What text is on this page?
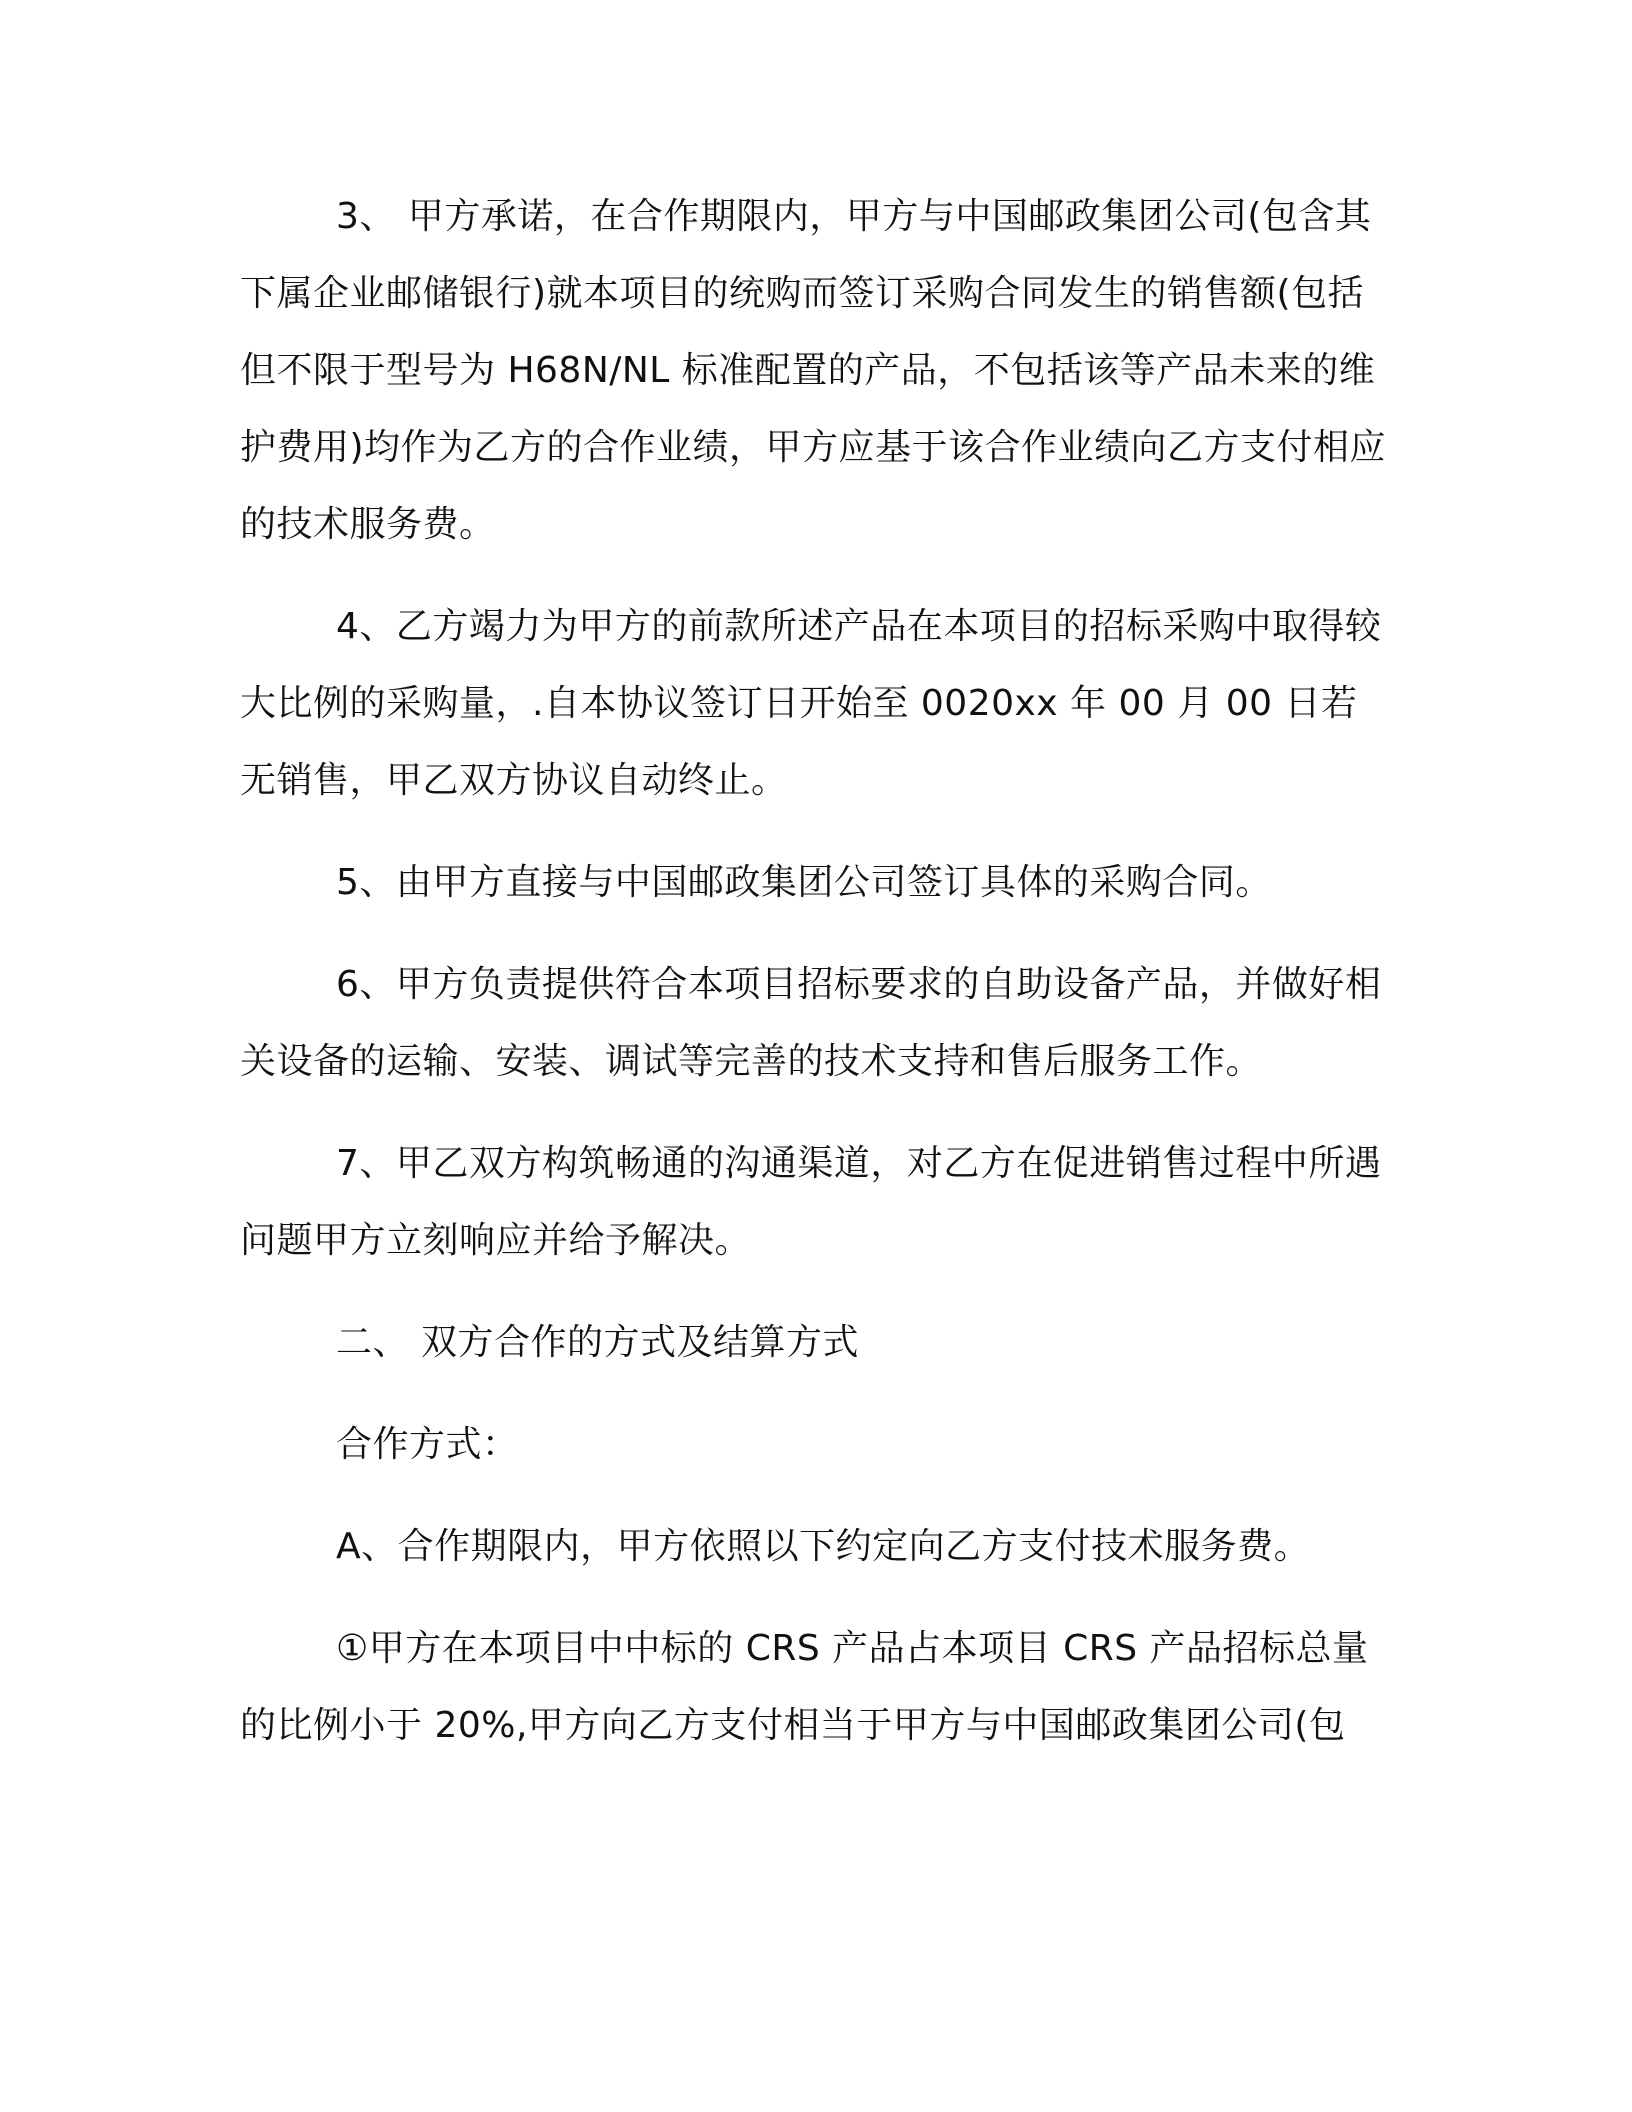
3、 甲方承诺，在合作期限内，甲方与中国邮政集团公司(包含其下属企业邮储银行)就本项目的统购而签订采购合同发生的销售额(包括但不限于型号为 H68N/NL 标准配置的产品，不包括该等产品未来的维护费用)均作为乙方的合作业绩，甲方应基于该合作业绩向乙方支付相应的技术服务费。

4、乙方竭力为甲方的前款所述产品在本项目的招标采购中取得较大比例的采购量，.自本协议签订日开始至 0020xx 年 00 月 00 日若无销售，甲乙双方协议自动终止。

5、由甲方直接与中国邮政集团公司签订具体的采购合同。

6、甲方负责提供符合本项目招标要求的自助设备产品，并做好相关设备的运输、安装、调试等完善的技术支持和售后服务工作。

7、甲乙双方构筑畅通的沟通渠道，对乙方在促进销售过程中所遇问题甲方立刻响应并给予解决。

二、 双方合作的方式及结算方式

合作方式：

A、合作期限内，甲方依照以下约定向乙方支付技术服务费。

①甲方在本项目中中标的 CRS 产品占本项目 CRS 产品招标总量的比例小于 20%,甲方向乙方支付相当于甲方与中国邮政集团公司(包
